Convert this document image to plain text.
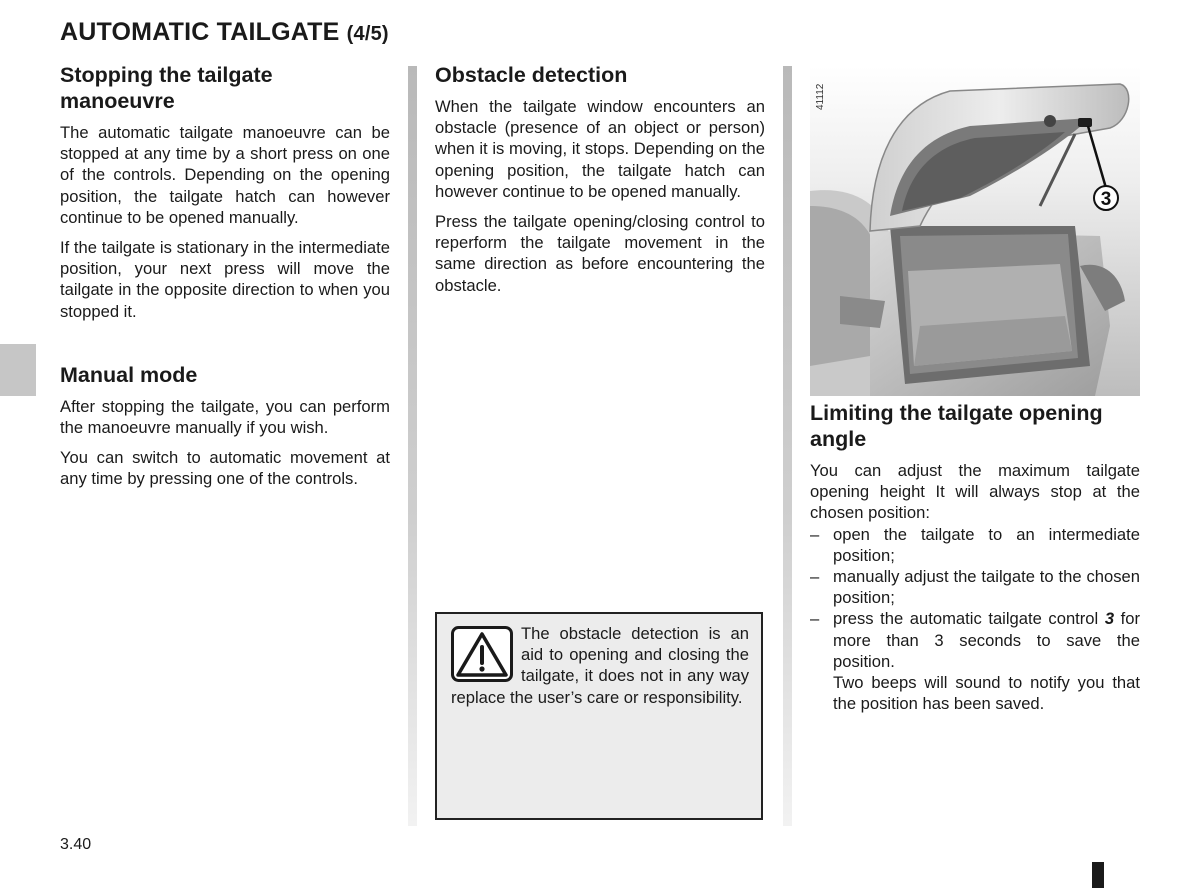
AUTOMATIC TAILGATE (4/5)
Stopping the tailgate manoeuvre

The automatic tailgate manoeuvre can be stopped at any time by a short press on one of the controls. Depending on the opening position, the tailgate hatch can however continue to be opened manually.

If the tailgate is stationary in the intermediate position, your next press will move the tailgate in the opposite direction to when you stopped it.

Manual mode

After stopping the tailgate, you can perform the manoeuvre manually if you wish.

You can switch to automatic movement at any time by pressing one of the controls.

Obstacle detection

When the tailgate window encounters an obstacle (presence of an object or person) when it is moving, it stops. Depending on the opening position, the tailgate hatch can however continue to be opened manually.

Press the tailgate opening/closing control to reperform the tailgate movement in the same direction as before encountering the obstacle.

The obstacle detection is an aid to opening and closing the tailgate, it does not in any way replace the user’s care or responsibility.

3
41112
Limiting the tailgate opening angle

You can adjust the maximum tailgate opening height It will always stop at the chosen position:

– open the tailgate to an intermediate position;
– manually adjust the tailgate to the chosen position;
– press the automatic tailgate control 3 for more than 3 seconds to save the position.
Two beeps will sound to notify you that the position has been saved.
3.40
